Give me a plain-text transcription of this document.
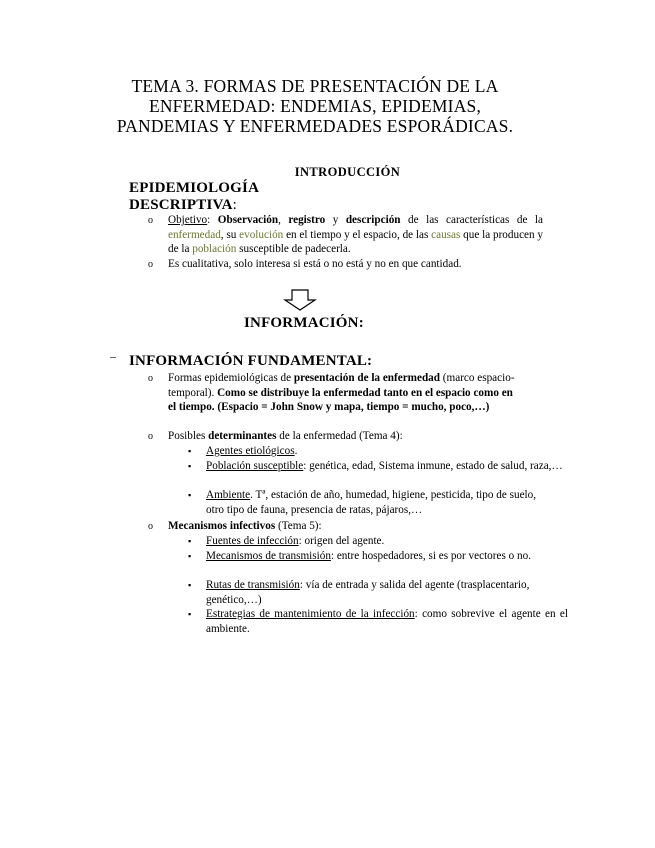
TEMA 3. FORMAS DE PRESENTACIÓN DE LA
ENFERMEDAD: ENDEMIAS, EPIDEMIAS,
PANDEMIAS Y ENFERMEDADES ESPORÁDICAS.
INTRODUCCIÓN
EPIDEMIOLOGÍA
DESCRIPTIVA:
o Objetivo: Observación, registro y descripción de las características de la enfermedad, su evolución en el tiempo y el espacio, de las causas que la producen y de la población susceptible de padecerla.
o Es cualitativa, solo interesa si está o no está y no en que cantidad.
INFORMACIÓN:
– INFORMACIÓN FUNDAMENTAL:
o Formas epidemiológicas de presentación de la enfermedad (marco espacio-temporal). Como se distribuye la enfermedad tanto en el espacio como en el tiempo. (Espacio = John Snow y mapa, tiempo = mucho, poco,…)
o Posibles determinantes de la enfermedad (Tema 4):
▪ Agentes etiológicos.
▪ Población susceptible: genética, edad, Sistema inmune, estado de salud, raza,…
▪ Ambiente. Tª, estación de año, humedad, higiene, pesticida, tipo de suelo, otro tipo de fauna, presencia de ratas, pájaros,…
o Mecanismos infectivos (Tema 5):
▪ Fuentes de infección: origen del agente.
▪ Mecanismos de transmisión: entre hospedadores, si es por vectores o no.
▪ Rutas de transmisión: vía de entrada y salida del agente (trasplacentario, genético,…)
▪ Estrategias de mantenimiento de la infección: como sobrevive el agente en el ambiente.
